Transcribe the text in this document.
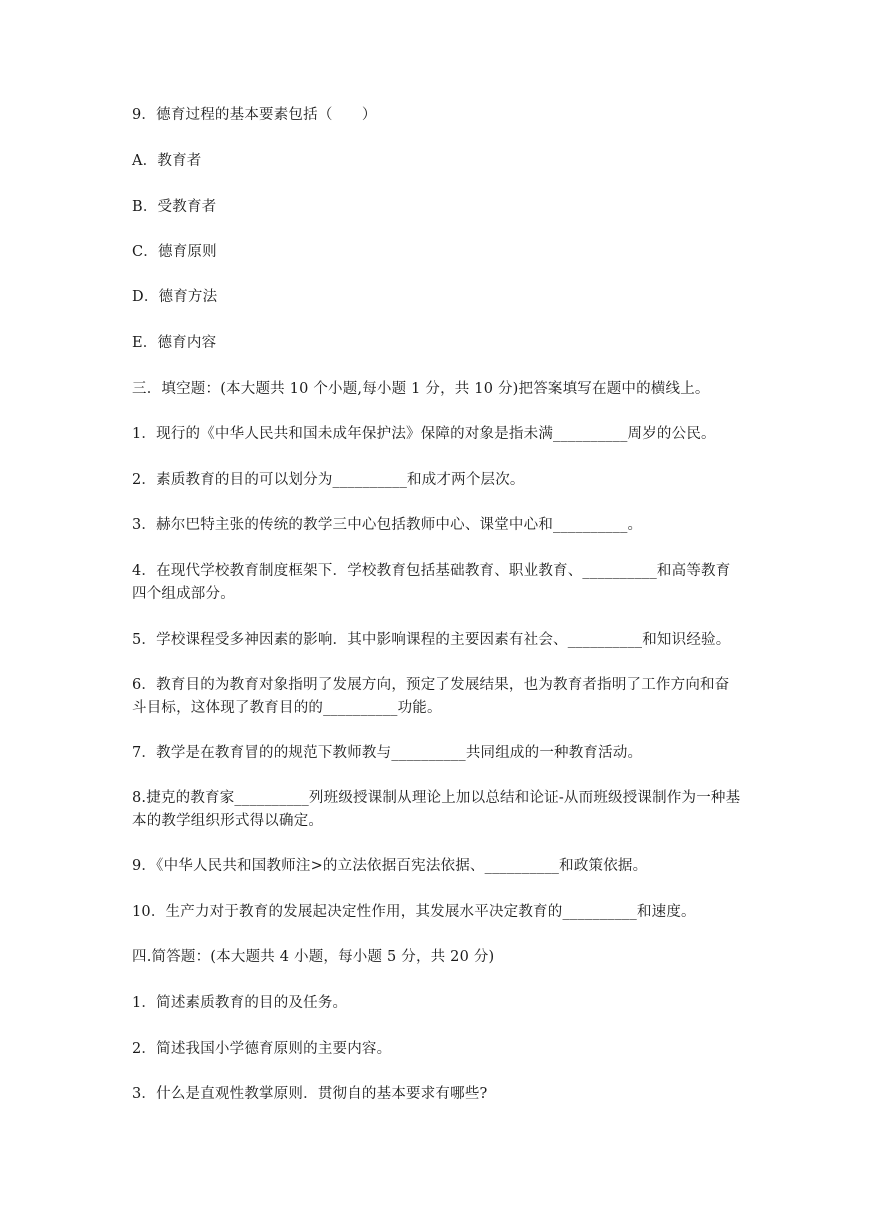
9．德育过程的基本要素包括（　　）
A．教育者
B．受教育者
C．德育原则
D．德育方法
E．德育内容
三．填空题：(本大题共 10 个小题,每小题 1 分，共 10 分)把答案填写在题中的横线上。
1．现行的《中华人民共和国未成年保护法》保障的对象是指未满__________周岁的公民。
2．素质教育的目的可以划分为__________和成才两个层次。
3．赫尔巴特主张的传统的教学三中心包括教师中心、课堂中心和__________。
4．在现代学校教育制度框架下．学校教育包括基础教育、职业教育、__________和高等教育四个组成部分。
5．学校课程受多神因素的影响．其中影响课程的主要因素有社会、__________和知识经验。
6．教育目的为教育对象指明了发展方向，预定了发展结果，也为教育者指明了工作方向和奋斗目标，这体现了教育目的的__________功能。
7．教学是在教育冒的的规范下教师教与__________共同组成的一种教育活动。
8.捷克的教育家__________列班级授课制从理论上加以总结和论证-从而班级授课制作为一种基本的教学组织形式得以确定。
9．《中华人民共和国教师注>的立法依据百宪法依据、__________和政策依据。
10．生产力对于教育的发展起决定性作用，其发展水平决定教育的__________和速度。
四.简答题：(本大题共 4 小题，每小题 5 分，共 20 分)
1．简述素质教育的目的及任务。
2．简述我国小学德育原则的主要内容。
3．什么是直观性教掌原则．贯彻自的基本要求有哪些?
